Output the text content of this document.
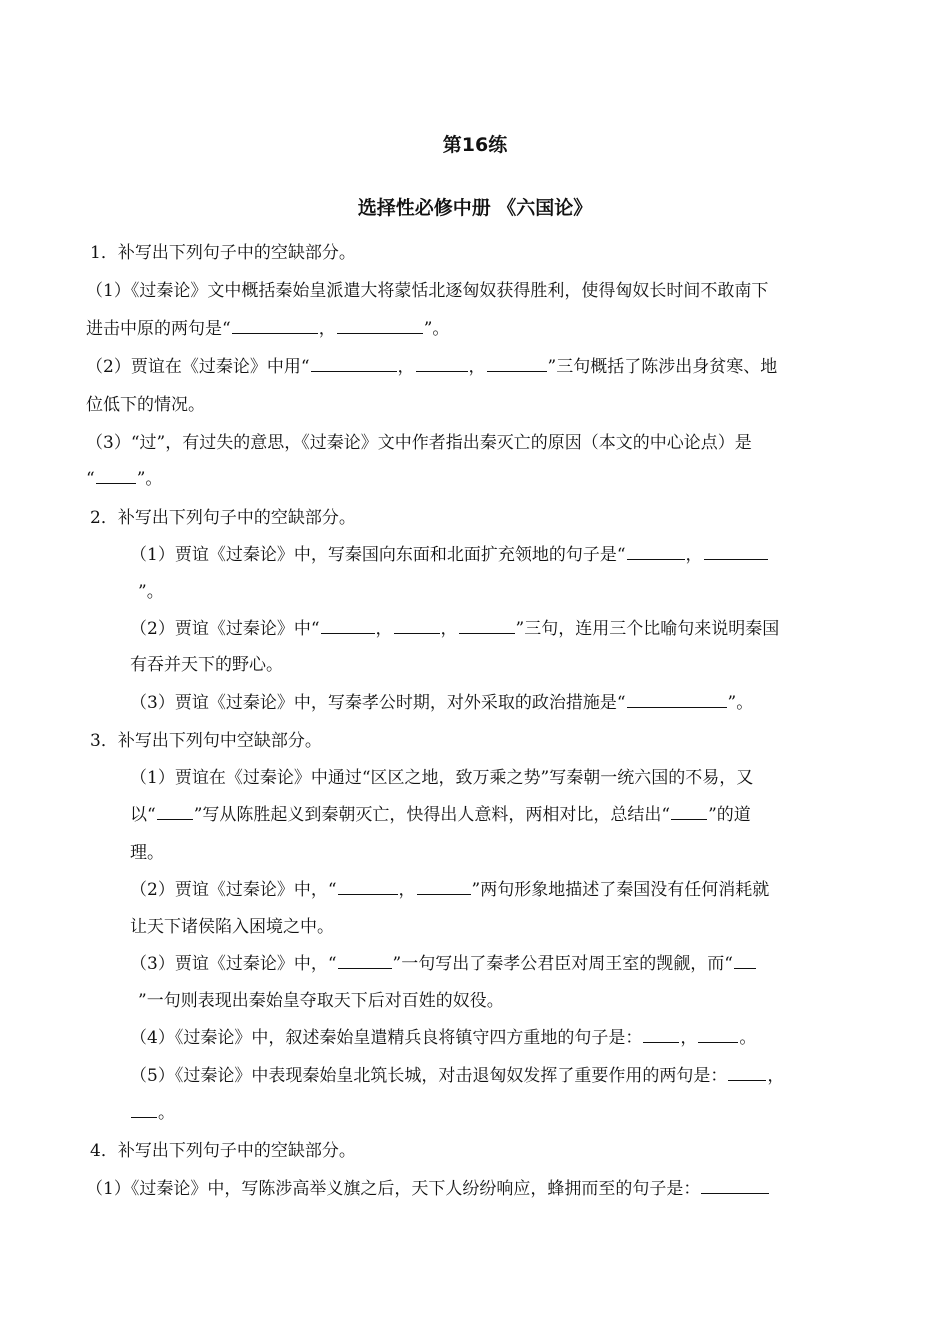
第16练
选择性必修中册 《六国论》
1．补写出下列句子中的空缺部分。
（1）《过秦论》文中概括秦始皇派遣大将蒙恬北逐匈奴获得胜利，使得匈奴长时间不敢南下
进击中原的两句是“	，	”。
（2）贾谊在《过秦论》中用“	，	，	”三句概括了陈涉出身贫寒、地
位低下的情况。
（3）“过”，有过失的意思，《过秦论》文中作者指出秦灭亡的原因（本文的中心论点）是
“ ”。
2．补写出下列句子中的空缺部分。
（1）贾谊《过秦论》中，写秦国向东面和北面扩充领地的句子是“	，
”。
（2）贾谊《过秦论》中“	，	，	”三句，连用三个比喻句来说明秦国
有吞并天下的野心。
（3）贾谊《过秦论》中，写秦孝公时期，对外采取的政治措施是“	”。
3．补写出下列句中空缺部分。
（1）贾谊在《过秦论》中通过“区区之地，致万乘之势”写秦朝一统六国的不易，又
以“ ”写从陈胜起义到秦朝灭亡，快得出人意料，两相对比，总结出“ ”的道
理。
（2）贾谊《过秦论》中，“	，	”两句形象地描述了秦国没有任何消耗就
让天下诸侯陷入困境之中。
（3）贾谊《过秦论》中，“	”一句写出了秦孝公君臣对周王室的觊觎，而“
”一句则表现出秦始皇夺取天下后对百姓的奴役。
（4）《过秦论》中，叙述秦始皇遣精兵良将镇守四方重地的句子是： ， 。
（5）《过秦论》中表现秦始皇北筑长城，对击退匈奴发挥了重要作用的两句是： ，
。
4．补写出下列句子中的空缺部分。
（1）《过秦论》中，写陈涉高举义旗之后，天下人纷纷响应，蜂拥而至的句子是：
